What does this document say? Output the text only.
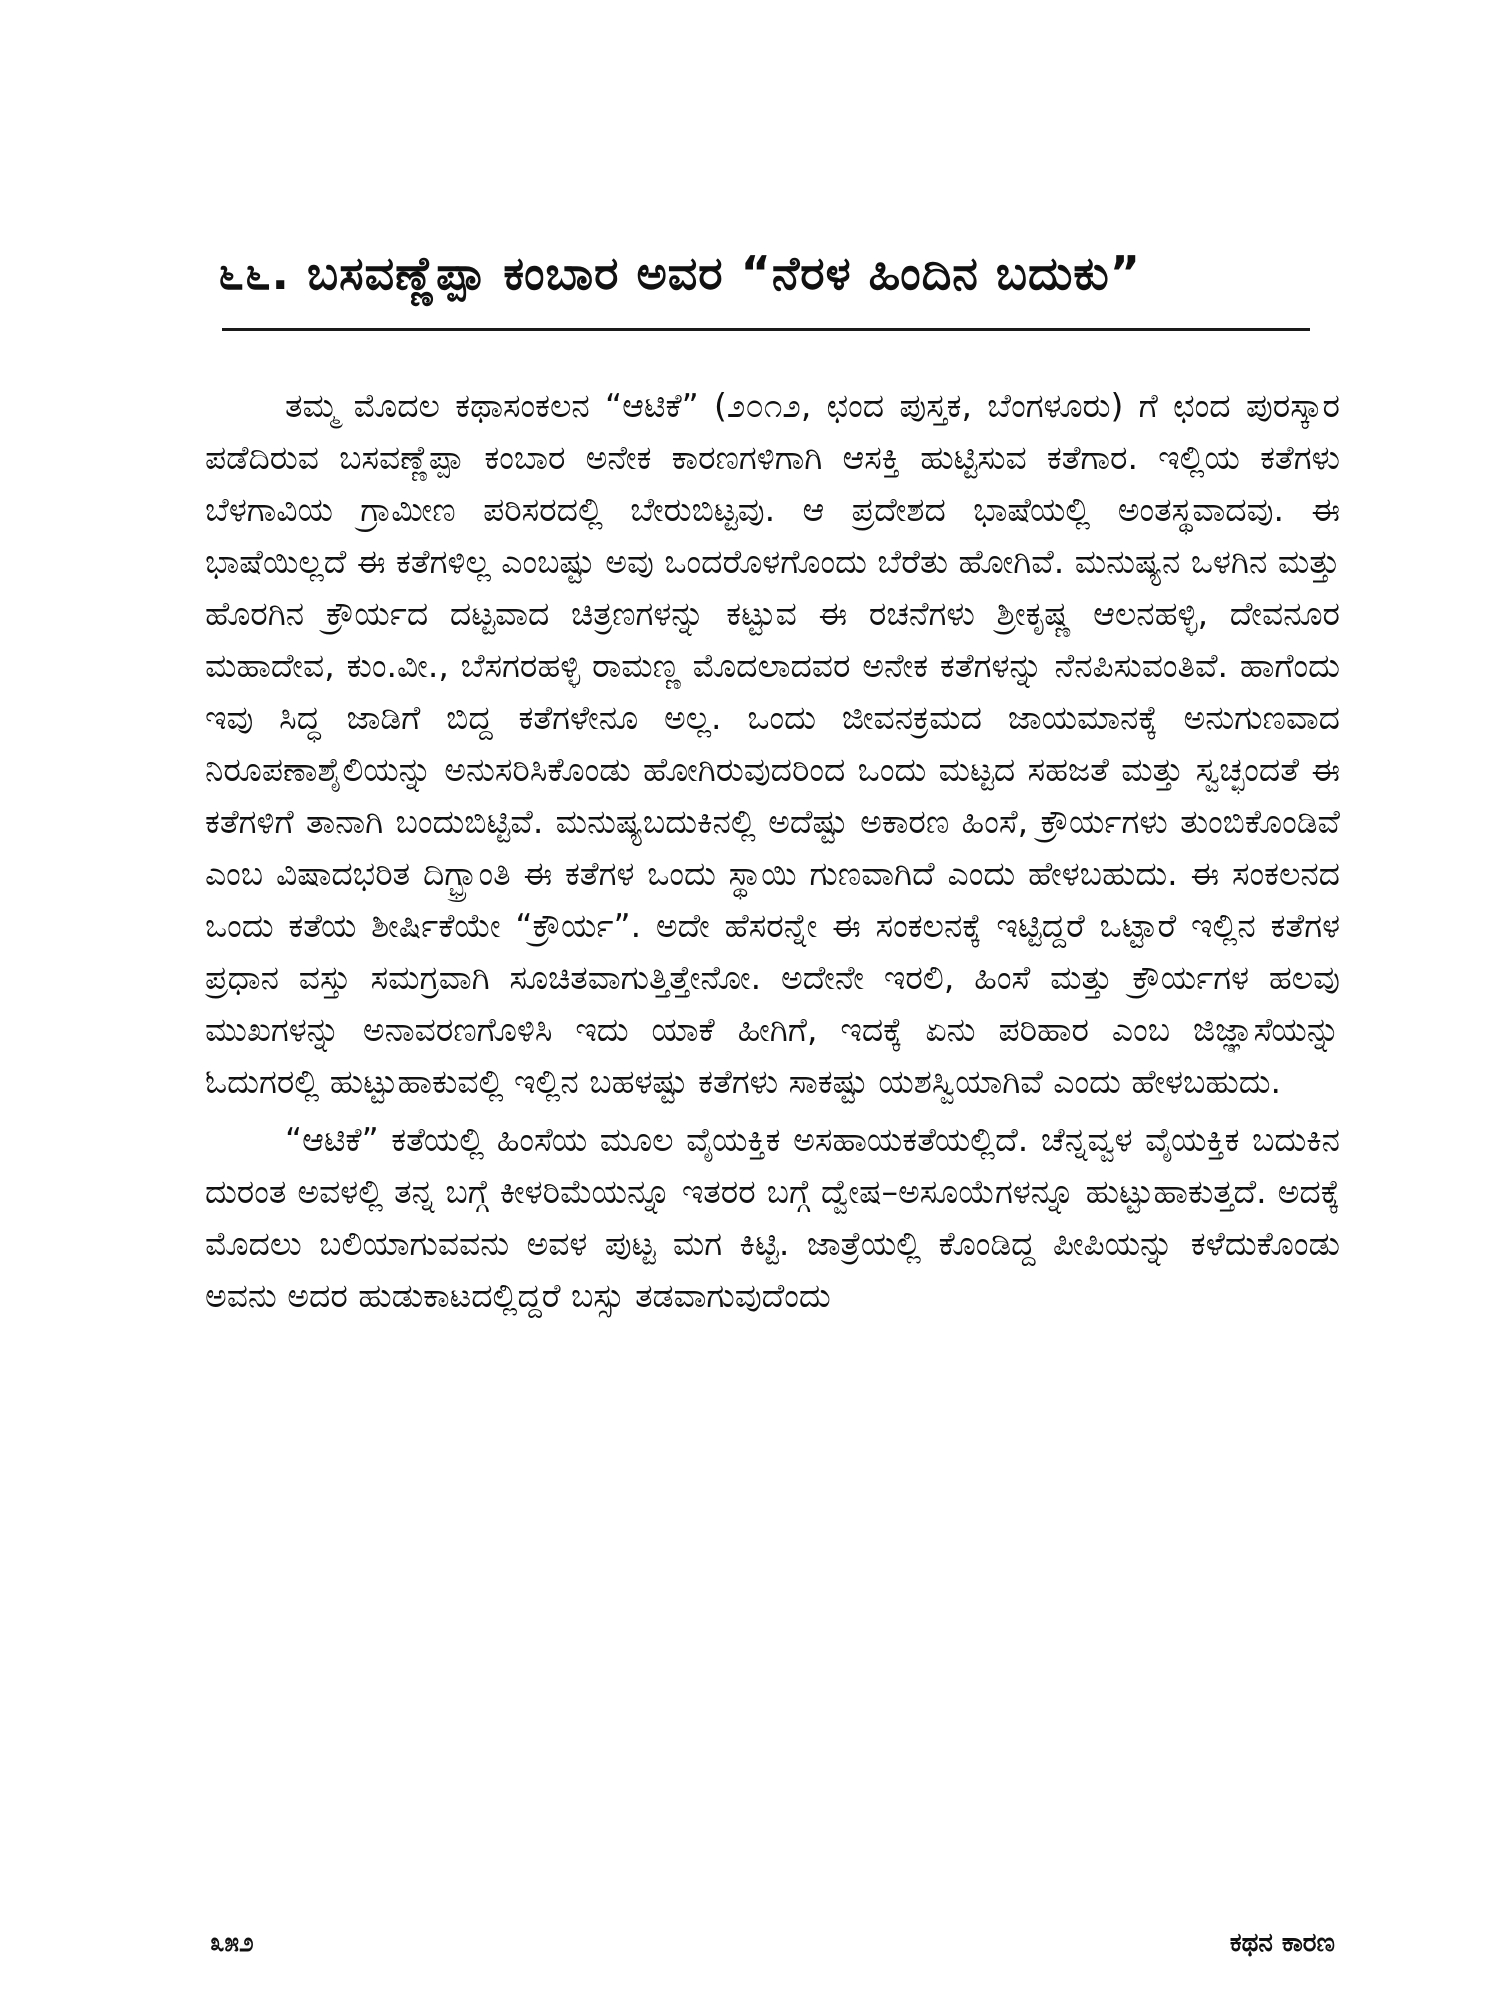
೬೬. ಬಸವಣ್ಣೆಪ್ಪಾ ಕಂಬಾರ ಅವರ “ನೆರಳ ಹಿಂದಿನ ಬದುಕು”

ತಮ್ಮ ಮೊದಲ ಕಥಾಸಂಕಲನ “ಆಟಿಕೆ” (೨೦೧೨, ಛಂದ ಪುಸ್ತಕ, ಬೆಂಗಳೂರು) ಗೆ ಛಂದ ಪುರಸ್ಕಾರ ಪಡೆದಿರುವ ಬಸವಣ್ಣೆಪ್ಪಾ ಕಂಬಾರ ಅನೇಕ ಕಾರಣಗಳಿಗಾಗಿ ಆಸಕ್ತಿ ಹುಟ್ಟಿಸುವ ಕತೆಗಾರ. ಇಲ್ಲಿಯ ಕತೆಗಳು ಬೆಳಗಾವಿಯ ಗ್ರಾಮೀಣ ಪರಿಸರದಲ್ಲಿ ಬೇರುಬಿಟ್ಟವು. ಆ ಪ್ರದೇಶದ ಭಾಷೆಯಲ್ಲಿ ಅಂತಸ್ಥವಾದವು. ಈ ಭಾಷೆಯಿಲ್ಲದೆ ಈ ಕತೆಗಳಿಲ್ಲ ಎಂಬಷ್ಟು ಅವು ಒಂದರೊಳಗೊಂದು ಬೆರೆತು ಹೋಗಿವೆ. ಮನುಷ್ಯನ ಒಳಗಿನ ಮತ್ತು ಹೊರಗಿನ ಕ್ರೌರ್ಯದ ದಟ್ಟವಾದ ಚಿತ್ರಣಗಳನ್ನು ಕಟ್ಟುವ ಈ ರಚನೆಗಳು ಶ್ರೀಕೃಷ್ಣ ಆಲನಹಳ್ಳಿ, ದೇವನೂರ ಮಹಾದೇವ, ಕುಂ.ವೀ., ಬೆಸಗರಹಳ್ಳಿ ರಾಮಣ್ಣ ಮೊದಲಾದವರ ಅನೇಕ ಕತೆಗಳನ್ನು ನೆನಪಿಸುವಂತಿವೆ. ಹಾಗೆಂದು ಇವು ಸಿದ್ಧ ಜಾಡಿಗೆ ಬಿದ್ದ ಕತೆಗಳೇನೂ ಅಲ್ಲ. ಒಂದು ಜೀವನಕ್ರಮದ ಜಾಯಮಾನಕ್ಕೆ ಅನುಗುಣವಾದ ನಿರೂಪಣಾಶೈಲಿಯನ್ನು ಅನುಸರಿಸಿಕೊಂಡು ಹೋಗಿರುವುದರಿಂದ ಒಂದು ಮಟ್ಟದ ಸಹಜತೆ ಮತ್ತು ಸ್ವಚ್ಛಂದತೆ ಈ ಕತೆಗಳಿಗೆ ತಾನಾಗಿ ಬಂದುಬಿಟ್ಟಿವೆ. ಮನುಷ್ಯಬದುಕಿನಲ್ಲಿ ಅದೆಷ್ಟು ಅಕಾರಣ ಹಿಂಸೆ, ಕ್ರೌರ್ಯಗಳು ತುಂಬಿಕೊಂಡಿವೆ ಎಂಬ ವಿಷಾದಭರಿತ ದಿಗ್ಭ್ರಾಂತಿ ಈ ಕತೆಗಳ ಒಂದು ಸ್ಥಾಯಿ ಗುಣವಾಗಿದೆ ಎಂದು ಹೇಳಬಹುದು. ಈ ಸಂಕಲನದ ಒಂದು ಕತೆಯ ಶೀರ್ಷಿಕೆಯೇ “ಕ್ರೌರ್ಯ”. ಅದೇ ಹೆಸರನ್ನೇ ಈ ಸಂಕಲನಕ್ಕೆ ಇಟ್ಟಿದ್ದರೆ ಒಟ್ಟಾರೆ ಇಲ್ಲಿನ ಕತೆಗಳ ಪ್ರಧಾನ ವಸ್ತು ಸಮಗ್ರವಾಗಿ ಸೂಚಿತವಾಗುತ್ತಿತ್ತೇನೋ. ಅದೇನೇ ಇರಲಿ, ಹಿಂಸೆ ಮತ್ತು ಕ್ರೌರ್ಯಗಳ ಹಲವು ಮುಖಗಳನ್ನು ಅನಾವರಣಗೊಳಿಸಿ ಇದು ಯಾಕೆ ಹೀಗಿಗೆ, ಇದಕ್ಕೆ ಏನು ಪರಿಹಾರ ಎಂಬ ಜಿಜ್ಞಾಸೆಯನ್ನು ಓದುಗರಲ್ಲಿ ಹುಟ್ಟುಹಾಕುವಲ್ಲಿ ಇಲ್ಲಿನ ಬಹಳಷ್ಟು ಕತೆಗಳು ಸಾಕಷ್ಟು ಯಶಸ್ವಿಯಾಗಿವೆ ಎಂದು ಹೇಳಬಹುದು.

“ಆಟಿಕೆ” ಕತೆಯಲ್ಲಿ ಹಿಂಸೆಯ ಮೂಲ ವೈಯಕ್ತಿಕ ಅಸಹಾಯಕತೆಯಲ್ಲಿದೆ. ಚೆನ್ನವ್ವಳ ವೈಯಕ್ತಿಕ ಬದುಕಿನ ದುರಂತ ಅವಳಲ್ಲಿ ತನ್ನ ಬಗ್ಗೆ ಕೀಳರಿಮೆಯನ್ನೂ ಇತರರ ಬಗ್ಗೆ ದ್ವೇಷ–ಅಸೂಯೆಗಳನ್ನೂ ಹುಟ್ಟುಹಾಕುತ್ತದೆ. ಅದಕ್ಕೆ ಮೊದಲು ಬಲಿಯಾಗುವವನು ಅವಳ ಪುಟ್ಟ ಮಗ ಕಿಟ್ಟಿ. ಜಾತ್ರೆಯಲ್ಲಿ ಕೊಂಡಿದ್ದ ಪೀಪಿಯನ್ನು ಕಳೆದುಕೊಂಡು ಅವನು ಅದರ ಹುಡುಕಾಟದಲ್ಲಿದ್ದರೆ ಬಸ್ಸು ತಡವಾಗುವುದೆಂದು

೩೫೨	ಕಥನ ಕಾರಣ
